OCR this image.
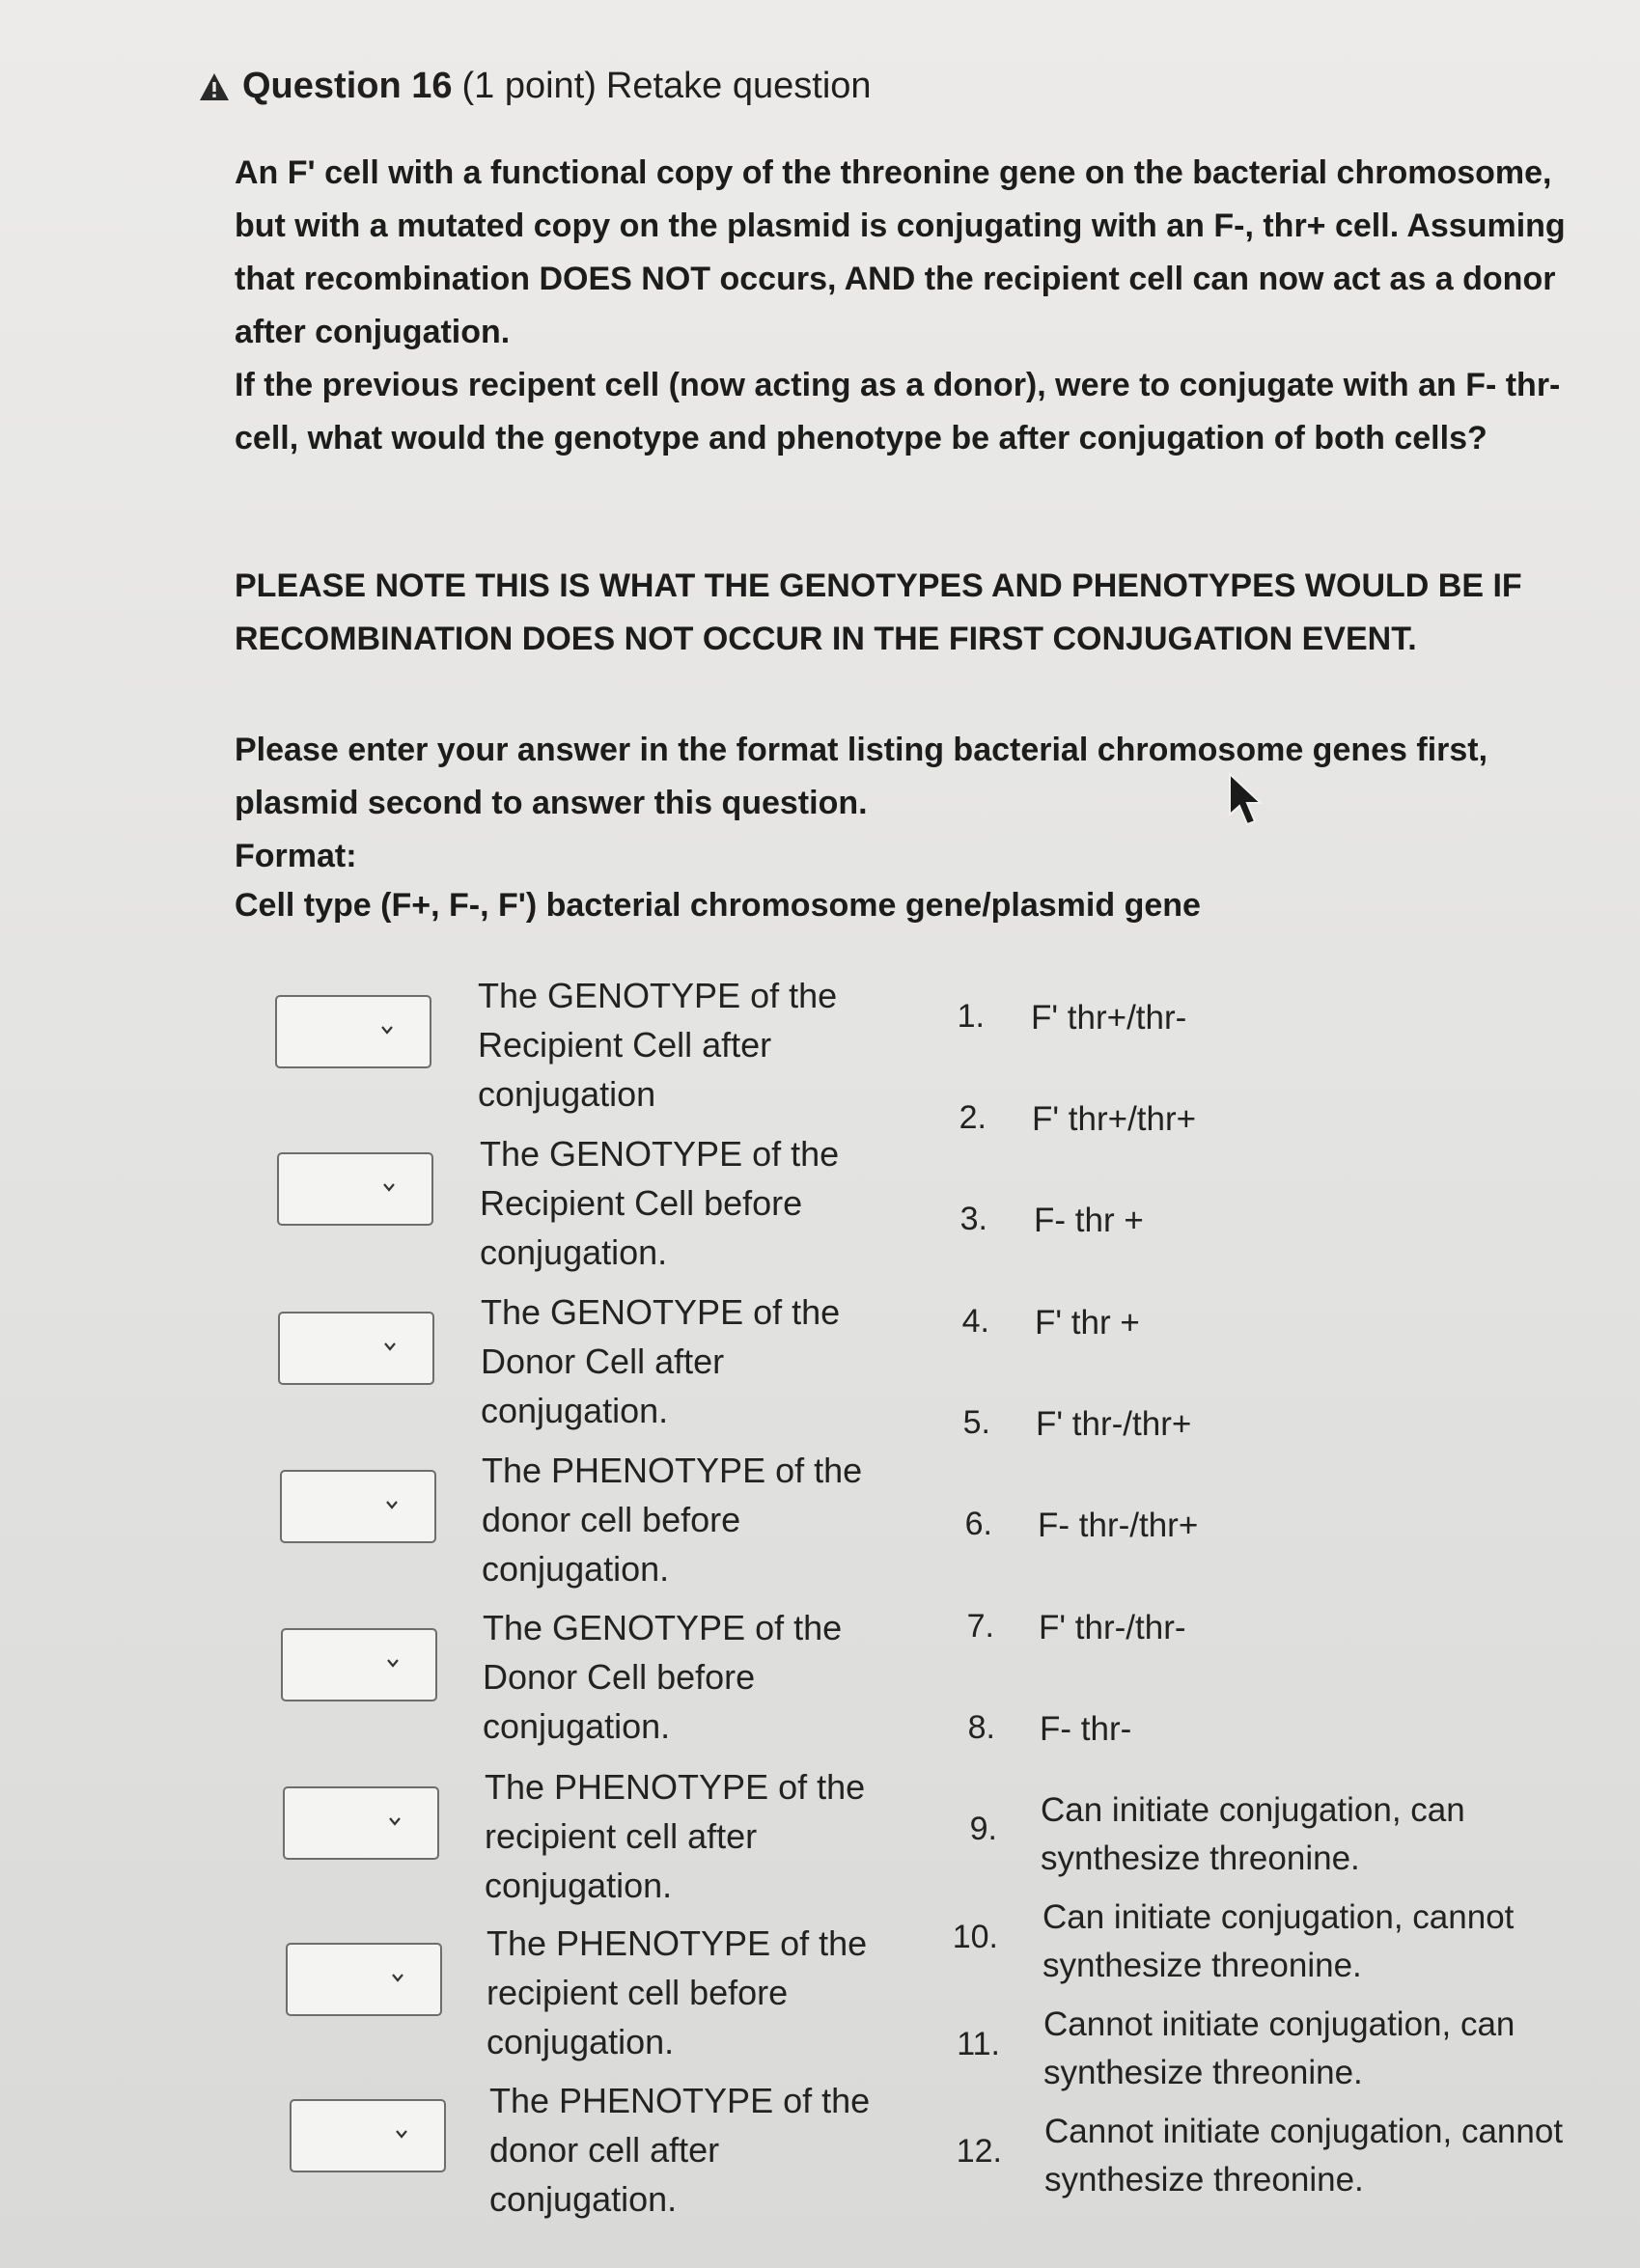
Question 16 (1 point) Retake question
An F' cell with a functional copy of the threonine gene on the bacterial chromosome, but with a mutated copy on the plasmid is conjugating with an F-, thr+ cell. Assuming that recombination DOES NOT occurs, AND the recipient cell can now act as a donor after conjugation.
If the previous recipent cell (now acting as a donor), were to conjugate with an F- thr- cell, what would the genotype and phenotype be after conjugation of both cells?
PLEASE NOTE THIS IS WHAT THE GENOTYPES AND PHENOTYPES WOULD BE IF RECOMBINATION DOES NOT OCCUR IN THE FIRST CONJUGATION EVENT.
Please enter your answer in the format listing bacterial chromosome genes first, plasmid second to answer this question.
Format:
Cell type (F+, F-, F') bacterial chromosome gene/plasmid gene
The GENOTYPE of the Recipient Cell after conjugation
The GENOTYPE of the Recipient Cell before conjugation.
The GENOTYPE of the Donor Cell after conjugation.
The PHENOTYPE of the donor cell before conjugation.
The GENOTYPE of the Donor Cell before conjugation.
The PHENOTYPE of the recipient cell after conjugation.
The PHENOTYPE of the recipient cell before conjugation.
The PHENOTYPE of the donor cell after conjugation.
1. F' thr+/thr-
2. F' thr+/thr+
3. F- thr +
4. F' thr +
5. F' thr-/thr+
6. F- thr-/thr+
7. F' thr-/thr-
8. F- thr-
9. Can initiate conjugation, can synthesize threonine.
10.
Can initiate conjugation, cannot synthesize threonine.
11.
Cannot initiate conjugation, can synthesize threonine.
12.
Cannot initiate conjugation, cannot synthesize threonine.
